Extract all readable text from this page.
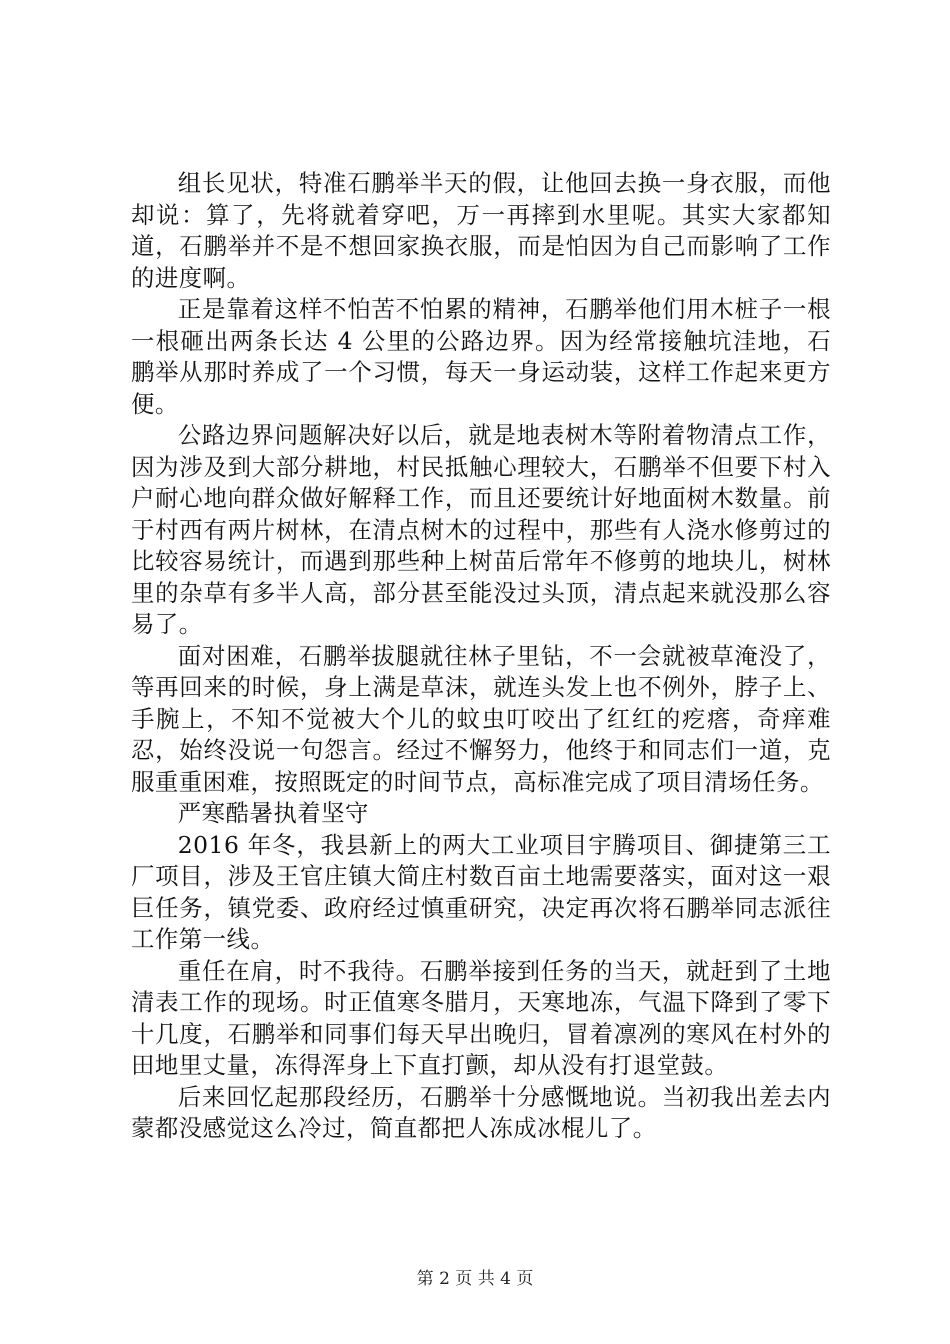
组长见状，特准石鹏举半天的假，让他回去换一身衣服，而他却说：算了，先将就着穿吧，万一再摔到水里呢。其实大家都知道，石鹏举并不是不想回家换衣服，而是怕因为自己而影响了工作的进度啊。

正是靠着这样不怕苦不怕累的精神，石鹏举他们用木桩子一根一根砸出两条长达 4 公里的公路边界。因为经常接触坑洼地，石鹏举从那时养成了一个习惯，每天一身运动装，这样工作起来更方便。

公路边界问题解决好以后，就是地表树木等附着物清点工作，因为涉及到大部分耕地，村民抵触心理较大，石鹏举不但要下村入户耐心地向群众做好解释工作，而且还要统计好地面树木数量。前于村西有两片树林，在清点树木的过程中，那些有人浇水修剪过的比较容易统计，而遇到那些种上树苗后常年不修剪的地块儿，树林里的杂草有多半人高，部分甚至能没过头顶，清点起来就没那么容易了。

面对困难，石鹏举拔腿就往林子里钻，不一会就被草淹没了，等再回来的时候，身上满是草沫，就连头发上也不例外，脖子上、手腕上，不知不觉被大个儿的蚊虫叮咬出了红红的疙瘩，奇痒难忍，始终没说一句怨言。经过不懈努力，他终于和同志们一道，克服重重困难，按照既定的时间节点，高标准完成了项目清场任务。

严寒酷暑执着坚守

2016 年冬，我县新上的两大工业项目宇腾项目、御捷第三工厂项目，涉及王官庄镇大简庄村数百亩土地需要落实，面对这一艰巨任务，镇党委、政府经过慎重研究，决定再次将石鹏举同志派往工作第一线。

重任在肩，时不我待。石鹏举接到任务的当天，就赶到了土地清表工作的现场。时正值寒冬腊月，天寒地冻，气温下降到了零下十几度，石鹏举和同事们每天早出晚归，冒着凛冽的寒风在村外的田地里丈量，冻得浑身上下直打颤，却从没有打退堂鼓。

后来回忆起那段经历，石鹏举十分感慨地说。当初我出差去内蒙都没感觉这么冷过，简直都把人冻成冰棍儿了。

第 2 页 共 4 页
